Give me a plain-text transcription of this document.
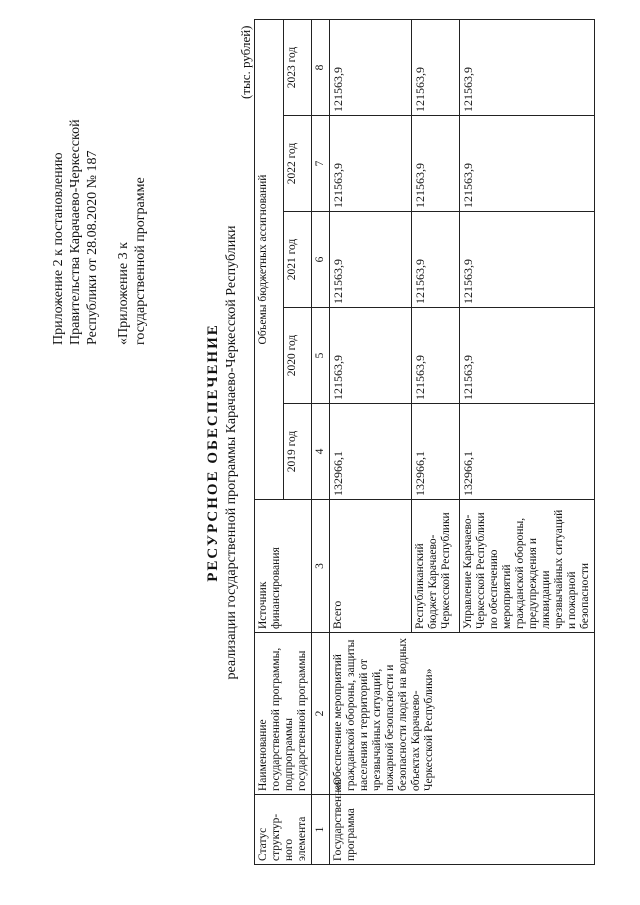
Приложение 2 к постановлению Правительства Карачаево-Черкесской Республики от 28.08.2020 № 187 «Приложение 3 к государственной программе
РЕСУРСНОЕ ОБЕСПЕЧЕНИЕ реализации государственной программы Карачаево-Черкесской Республики
(тыс. рублей)
Статус структур-ного элемента	Наименование государственной программы, подпрограммы государственной программы	Источник финансирования	Объемы бюджетных ассигнований				
			2019 год	2020 год	2021 год	2022 год	2023 год
1	2	3	4	5	6	7	8
Государственная программа	«Обеспечение мероприятий гражданской обороны, защиты населения и территорий от чрезвычайных ситуаций, пожарной безопасности и безопасности людей на водных объектах Карачаево-Черкесской Республики»	Всего	132966,1	121563,9	121563,9	121563,9	121563,9
		Республиканский бюджет Карачаево-Черкесской Республики	132966,1	121563,9	121563,9	121563,9	121563,9
		Управление Карачаево-Черкесской Республики по обеспечению мероприятий гражданской обороны, предупреждения и ликвидации чрезвычайных ситуаций и пожарной безопасности	132966,1	121563,9	121563,9	121563,9	121563,9
